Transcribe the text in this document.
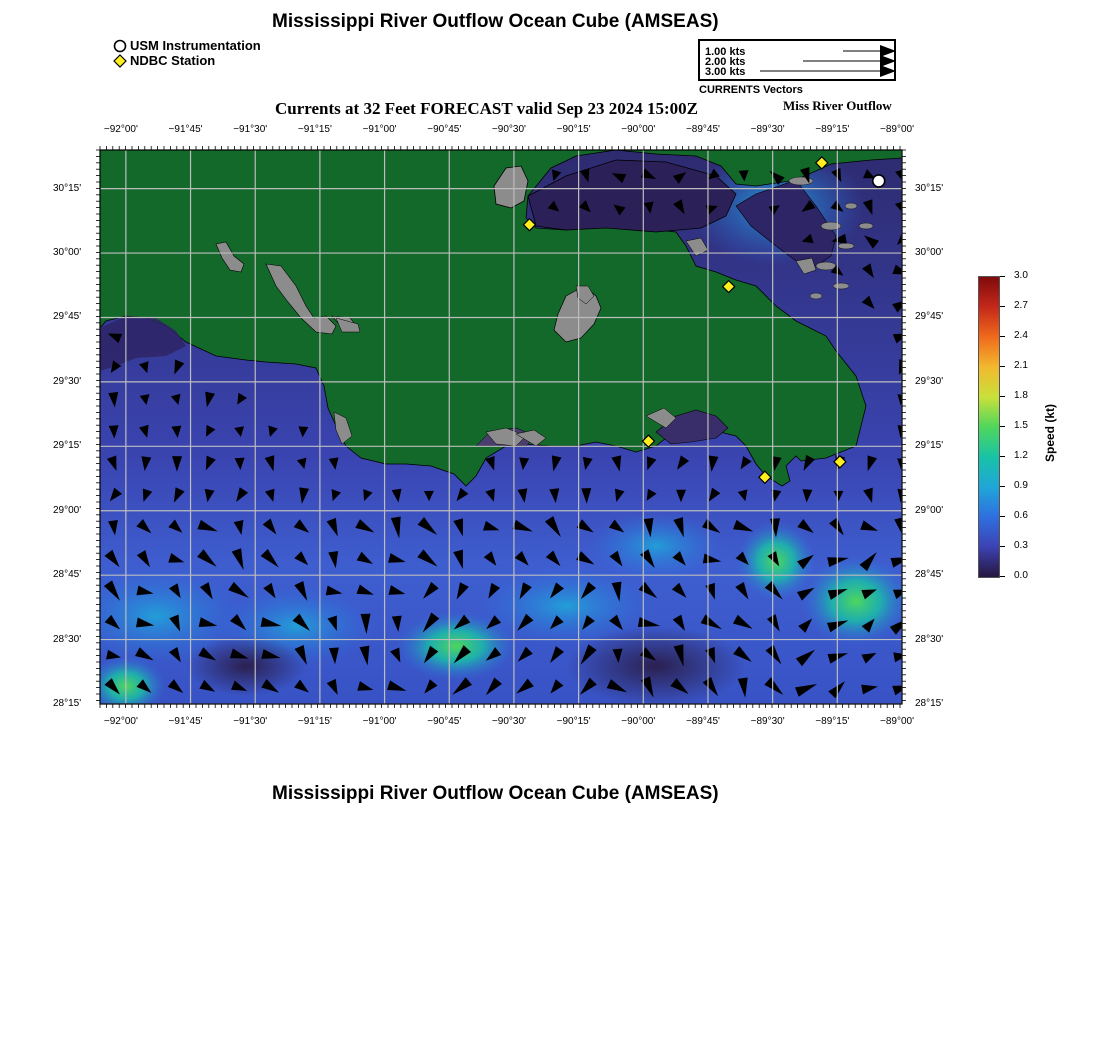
Mississippi River Outflow Ocean Cube (AMSEAS)
USM Instrumentation
NDBC Station
1.00 kts
2.00 kts
3.00 kts
CURRENTS Vectors
Currents at 32 Feet FORECAST valid Sep 23 2024 15:00Z	Miss River Outflow
−92°00'	−91°45'	−91°30'	−91°15'	−91°00'	−90°45'	−90°30'	−90°15'	−90°00'	−89°45'	−89°30'	−89°15'	−89°00'
−92°00'	−91°45'	−91°30'	−91°15'	−91°00'	−90°45'	−90°30'	−90°15'	−90°00'	−89°45'	−89°30'	−89°15'	−89°00'
30°15'
30°00'
29°45'
29°30'
29°15'
29°00'
28°45'
28°30'
28°15'
30°15'
30°00'
29°45'
29°30'
29°15'
29°00'
28°45'
28°30'
28°15'
3.0
2.7
2.4
2.1
1.8
1.5
1.2
0.9
0.6
0.3
0.0
Speed (kt)
Mississippi River Outflow Ocean Cube (AMSEAS)
